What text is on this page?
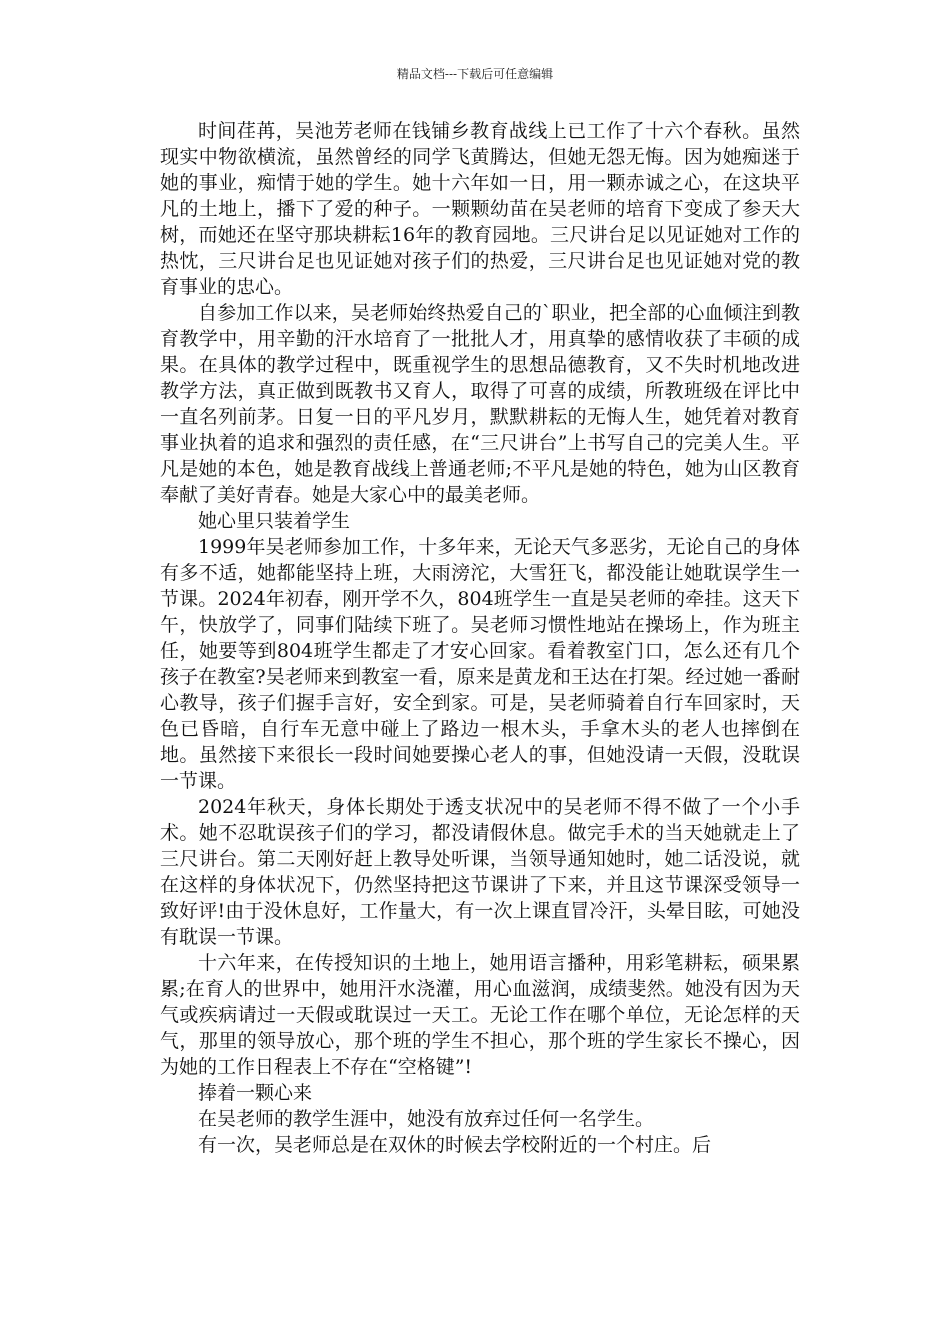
精品文档---下载后可任意编辑

时间荏苒，吴池芳老师在钱铺乡教育战线上已工作了十六个春秋。虽然现实中物欲横流，虽然曾经的同学飞黄腾达，但她无怨无悔。因为她痴迷于她的事业，痴情于她的学生。她十六年如一日，用一颗赤诚之心，在这块平凡的土地上，播下了爱的种子。一颗颗幼苗在吴老师的培育下变成了参天大树，而她还在坚守那块耕耘16年的教育园地。三尺讲台足以见证她对工作的热忱，三尺讲台足也见证她对孩子们的热爱，三尺讲台足也见证她对党的教育事业的忠心。

自参加工作以来，吴老师始终热爱自己的`职业，把全部的心血倾注到教育教学中，用辛勤的汗水培育了一批批人才，用真挚的感情收获了丰硕的成果。在具体的教学过程中，既重视学生的思想品德教育，又不失时机地改进教学方法，真正做到既教书又育人，取得了可喜的成绩，所教班级在评比中一直名列前茅。日复一日的平凡岁月，默默耕耘的无悔人生，她凭着对教育事业执着的追求和强烈的责任感，在“三尺讲台”上书写自己的完美人生。平凡是她的本色，她是教育战线上普通老师;不平凡是她的特色，她为山区教育奉献了美好青春。她是大家心中的最美老师。

她心里只装着学生

1999年吴老师参加工作，十多年来，无论天气多恶劣，无论自己的身体有多不适，她都能坚持上班，大雨滂沱，大雪狂飞，都没能让她耽误学生一节课。2024年初春，刚开学不久，804班学生一直是吴老师的牵挂。这天下午，快放学了，同事们陆续下班了。吴老师习惯性地站在操场上，作为班主任，她要等到804班学生都走了才安心回家。看着教室门口，怎么还有几个孩子在教室?吴老师来到教室一看，原来是黄龙和王达在打架。经过她一番耐心教导，孩子们握手言好，安全到家。可是，吴老师骑着自行车回家时，天色已昏暗，自行车无意中碰上了路边一根木头，手拿木头的老人也摔倒在地。虽然接下来很长一段时间她要操心老人的事，但她没请一天假，没耽误一节课。

2024年秋天，身体长期处于透支状况中的吴老师不得不做了一个小手术。她不忍耽误孩子们的学习，都没请假休息。做完手术的当天她就走上了三尺讲台。第二天刚好赶上教导处听课，当领导通知她时，她二话没说，就在这样的身体状况下，仍然坚持把这节课讲了下来，并且这节课深受领导一致好评!由于没休息好，工作量大，有一次上课直冒冷汗，头晕目眩，可她没有耽误一节课。

十六年来，在传授知识的土地上，她用语言播种，用彩笔耕耘，硕果累累;在育人的世界中，她用汗水浇灌，用心血滋润，成绩斐然。她没有因为天气或疾病请过一天假或耽误过一天工。无论工作在哪个单位，无论怎样的天气，那里的领导放心，那个班的学生不担心，那个班的学生家长不操心，因为她的工作日程表上不存在“空格键”!

捧着一颗心来

在吴老师的教学生涯中，她没有放弃过任何一名学生。

有一次，吴老师总是在双休的时候去学校附近的一个村庄。后
